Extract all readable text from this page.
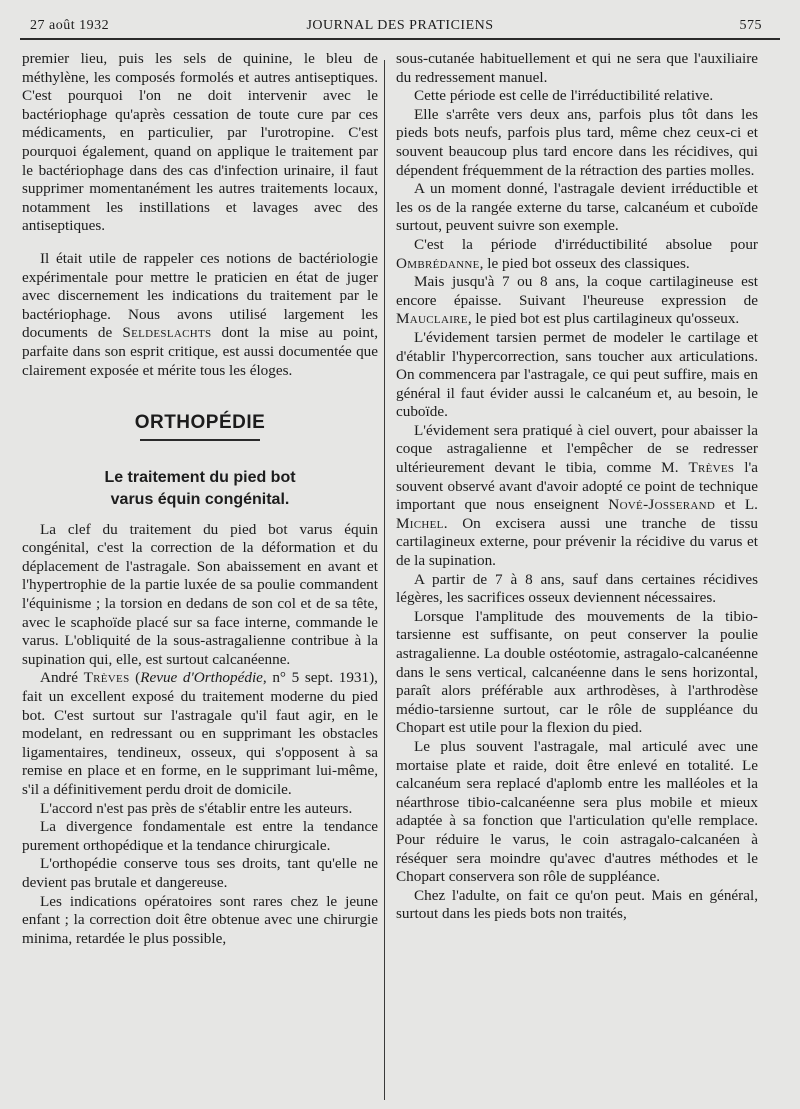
27 août 1932	JOURNAL DES PRATICIENS	575

premier lieu, puis les sels de quinine, le bleu de méthylène, les composés formolés et autres antiseptiques. C'est pourquoi l'on ne doit intervenir avec le bactériophage qu'après cessation de toute cure par ces médicaments, en particulier, par l'urotropine. C'est pourquoi également, quand on applique le traitement par le bactériophage dans des cas d'infection urinaire, il faut supprimer momentanément les autres traitements locaux, notamment les instillations et lavages avec des antiseptiques.

Il était utile de rappeler ces notions de bactériologie expérimentale pour mettre le praticien en état de juger avec discernement les indications du traitement par le bactériophage. Nous avons utilisé largement les documents de Seldeslachts dont la mise au point, parfaite dans son esprit critique, est aussi documentée que clairement exposée et mérite tous les éloges.

ORTHOPÉDIE
Le traitement du pied bot
varus équin congénital.

La clef du traitement du pied bot varus équin congénital, c'est la correction de la déformation et du déplacement de l'astragale. Son abaissement en avant et l'hypertrophie de la partie luxée de sa poulie commandent l'équinisme ; la torsion en dedans de son col et de sa tête, avec le scaphoïde placé sur sa face interne, commande le varus. L'obliquité de la sous-astragalienne contribue à la supination qui, elle, est surtout calcanéenne.

André Trèves (Revue d'Orthopédie, n° 5 sept. 1931), fait un excellent exposé du traitement moderne du pied bot. C'est surtout sur l'astragale qu'il faut agir, en le modelant, en redressant ou en supprimant les obstacles ligamentaires, tendineux, osseux, qui s'opposent à sa remise en place et en forme, en le supprimant lui-même, s'il a définitivement perdu droit de domicile.

L'accord n'est pas près de s'établir entre les auteurs.

La divergence fondamentale est entre la tendance purement orthopédique et la tendance chirurgicale.

L'orthopédie conserve tous ses droits, tant qu'elle ne devient pas brutale et dangereuse.

Les indications opératoires sont rares chez le jeune enfant ; la correction doit être obtenue avec une chirurgie minima, retardée le plus possible,

sous-cutanée habituellement et qui ne sera que l'auxiliaire du redressement manuel.

Cette période est celle de l'irréductibilité relative.

Elle s'arrête vers deux ans, parfois plus tôt dans les pieds bots neufs, parfois plus tard, même chez ceux-ci et souvent beaucoup plus tard encore dans les récidives, qui dépendent fréquemment de la rétraction des parties molles.

A un moment donné, l'astragale devient irréductible et les os de la rangée externe du tarse, calcanéum et cuboïde surtout, peuvent suivre son exemple.

C'est la période d'irréductibilité absolue pour Ombrédanne, le pied bot osseux des classiques.

Mais jusqu'à 7 ou 8 ans, la coque cartilagineuse est encore épaisse. Suivant l'heureuse expression de Mauclaire, le pied bot est plus cartilagineux qu'osseux.

L'évidement tarsien permet de modeler le cartilage et d'établir l'hypercorrection, sans toucher aux articulations. On commencera par l'astragale, ce qui peut suffire, mais en général il faut évider aussi le calcanéum et, au besoin, le cuboïde.

L'évidement sera pratiqué à ciel ouvert, pour abaisser la coque astragalienne et l'empêcher de se redresser ultérieurement devant le tibia, comme M. Trèves l'a souvent observé avant d'avoir adopté ce point de technique important que nous enseignent Nové-Josserand et L. Michel. On excisera aussi une tranche de tissu cartilagineux externe, pour prévenir la récidive du varus et de la supination.

A partir de 7 à 8 ans, sauf dans certaines récidives légères, les sacrifices osseux deviennent nécessaires.

Lorsque l'amplitude des mouvements de la tibio-tarsienne est suffisante, on peut conserver la poulie astragalienne. La double ostéotomie, astragalo-calcanéenne dans le sens vertical, calcanéenne dans le sens horizontal, paraît alors préférable aux arthrodèses, à l'arthrodèse médio-tarsienne surtout, car le rôle de suppléance du Chopart est utile pour la flexion du pied.

Le plus souvent l'astragale, mal articulé avec une mortaise plate et raide, doit être enlevé en totalité. Le calcanéum sera replacé d'aplomb entre les malléoles et la néarthrose tibio-calcanéenne sera plus mobile et mieux adaptée à sa fonction que l'articulation qu'elle remplace. Pour réduire le varus, le coin astragalo-calcanéen à réséquer sera moindre qu'avec d'autres méthodes et le Chopart conservera son rôle de suppléance.

Chez l'adulte, on fait ce qu'on peut. Mais en général, surtout dans les pieds bots non traités,
